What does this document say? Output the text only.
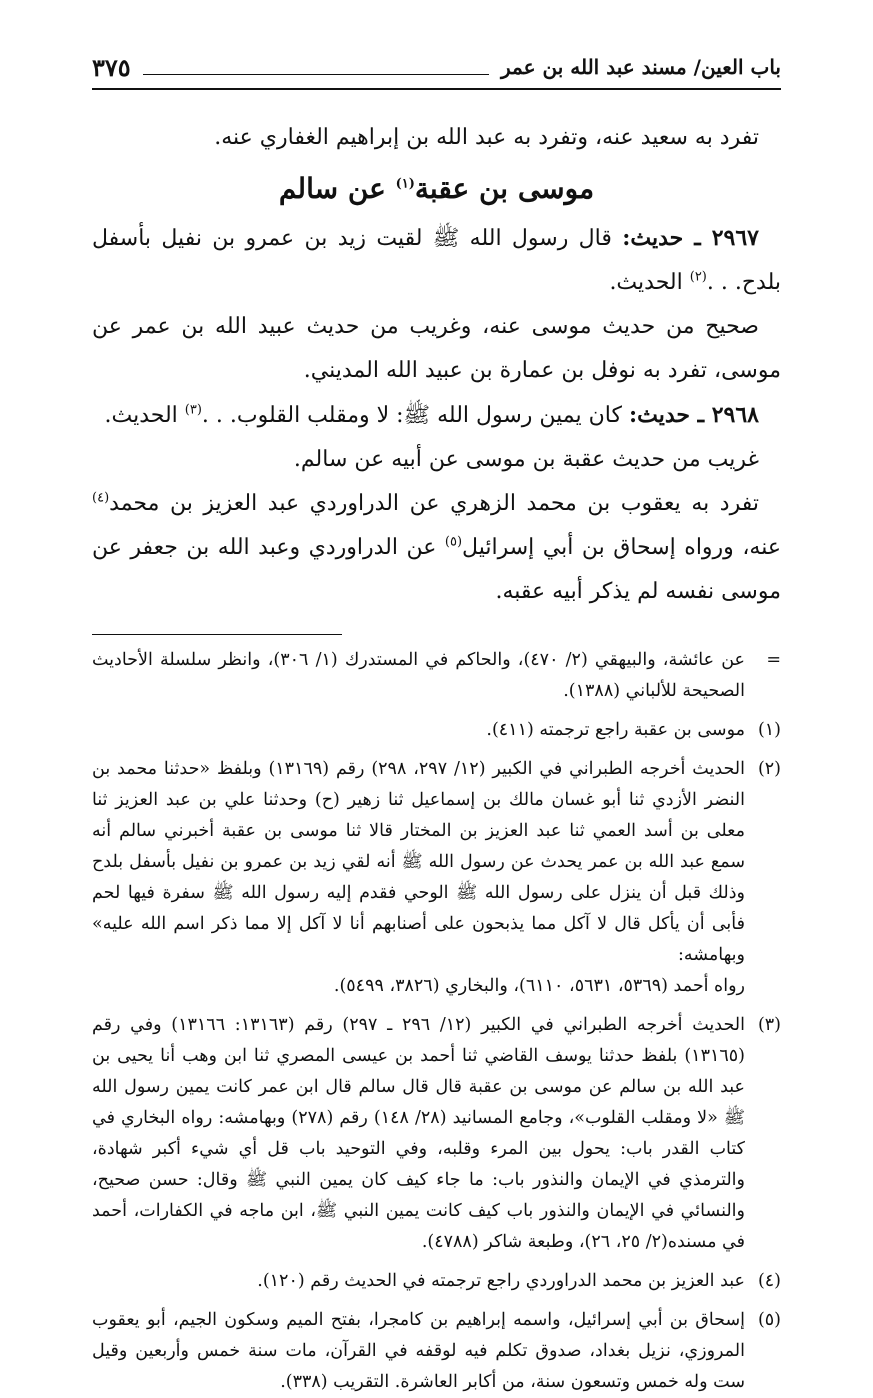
باب العين/ مسند عبد الله بن عمر
٣٧٥

تفرد به سعيد عنه، وتفرد به عبد الله بن إبراهيم الغفاري عنه.

موسى بن عقبة$^{(١)}$ عن سالم

٢٩٦٧ ـ حديث: قال رسول الله ﷺ لقيت زيد بن عمرو بن نفيل بأسفل بلدح. . .$^{(٢)}$ الحديث.

صحيح من حديث موسى عنه، وغريب من حديث عبيد الله بن عمر عن موسى، تفرد به نوفل بن عمارة بن عبيد الله المديني.

٢٩٦٨ ـ حديث: كان يمين رسول الله ﷺ: لا ومقلب القلوب. . .$^{(٣)}$ الحديث.

غريب من حديث عقبة بن موسى عن أبيه عن سالم.

تفرد به يعقوب بن محمد الزهري عن الدراوردي عبد العزيز بن محمد$^{(٤)}$ عنه، ورواه إسحاق بن أبي إسرائيل$^{(٥)}$ عن الدراوردي وعبد الله بن جعفر عن موسى نفسه لم يذكر أبيه عقبه.

=

عن عائشة، والبيهقي (٢/ ٤٧٠)، والحاكم في المستدرك (١/ ٣٠٦)، وانظر سلسلة الأحاديث الصحيحة للألباني (١٣٨٨).

(١)

موسى بن عقبة راجع ترجمته (٤١١).

(٢)

الحديث أخرجه الطبراني في الكبير (١٢/ ٢٩٧، ٢٩٨) رقم (١٣١٦٩) وبلفظ «حدثنا محمد بن النضر الأزدي ثنا أبو غسان مالك بن إسماعيل ثنا زهير (ح) وحدثنا علي بن عبد العزيز ثنا معلى بن أسد العمي ثنا عبد العزيز بن المختار قالا ثنا موسى بن عقبة أخبرني سالم أنه سمع عبد الله بن عمر يحدث عن رسول الله ﷺ أنه لقي زيد بن عمرو بن نفيل بأسفل بلدح وذلك قبل أن ينزل على رسول الله ﷺ الوحي فقدم إليه رسول الله ﷺ سفرة فيها لحم فأبى أن يأكل قال لا آكل مما يذبحون على أصنابهم أنا لا آكل إلا مما ذكر اسم الله عليه» وبهامشه:

رواه أحمد (٥٣٦٩، ٥٦٣١، ٦١١٠)، والبخاري (٣٨٢٦، ٥٤٩٩).

(٣)

الحديث أخرجه الطبراني في الكبير (١٢/ ٢٩٦ ـ ٢٩٧) رقم (١٣١٦٣: ١٣١٦٦) وفي رقم (١٣١٦٥) بلفظ حدثنا يوسف القاضي ثنا أحمد بن عيسى المصري ثنا ابن وهب أنا يحيى بن عبد الله بن سالم عن موسى بن عقبة قال قال سالم قال ابن عمر كانت يمين رسول الله ﷺ «لا ومقلب القلوب»، وجامع المسانيد (٢٨/ ١٤٨) رقم (٢٧٨) وبهامشه: رواه البخاري في كتاب القدر باب: يحول بين المرء وقلبه، وفي التوحيد باب قل أي شيء أكبر شهادة، والترمذي في الإيمان والنذور باب: ما جاء كيف كان يمين النبي ﷺ وقال: حسن صحيح، والنسائي في الإيمان والنذور باب كيف كانت يمين النبي ﷺ، ابن ماجه في الكفارات، أحمد في مسنده(٢/ ٢٥، ٢٦)، وطبعة شاكر (٤٧٨٨).

(٤)

عبد العزيز بن محمد الدراوردي راجع ترجمته في الحديث رقم (١٢٠).

(٥)

إسحاق بن أبي إسرائيل، واسمه إبراهيم بن كامجرا، بفتح الميم وسكون الجيم، أبو يعقوب المروزي، نزيل بغداد، صدوق تكلم فيه لوقفه في القرآن، مات سنة خمس وأربعين وقيل ست وله خمس وتسعون سنة، من أكابر العاشرة. التقريب (٣٣٨).
